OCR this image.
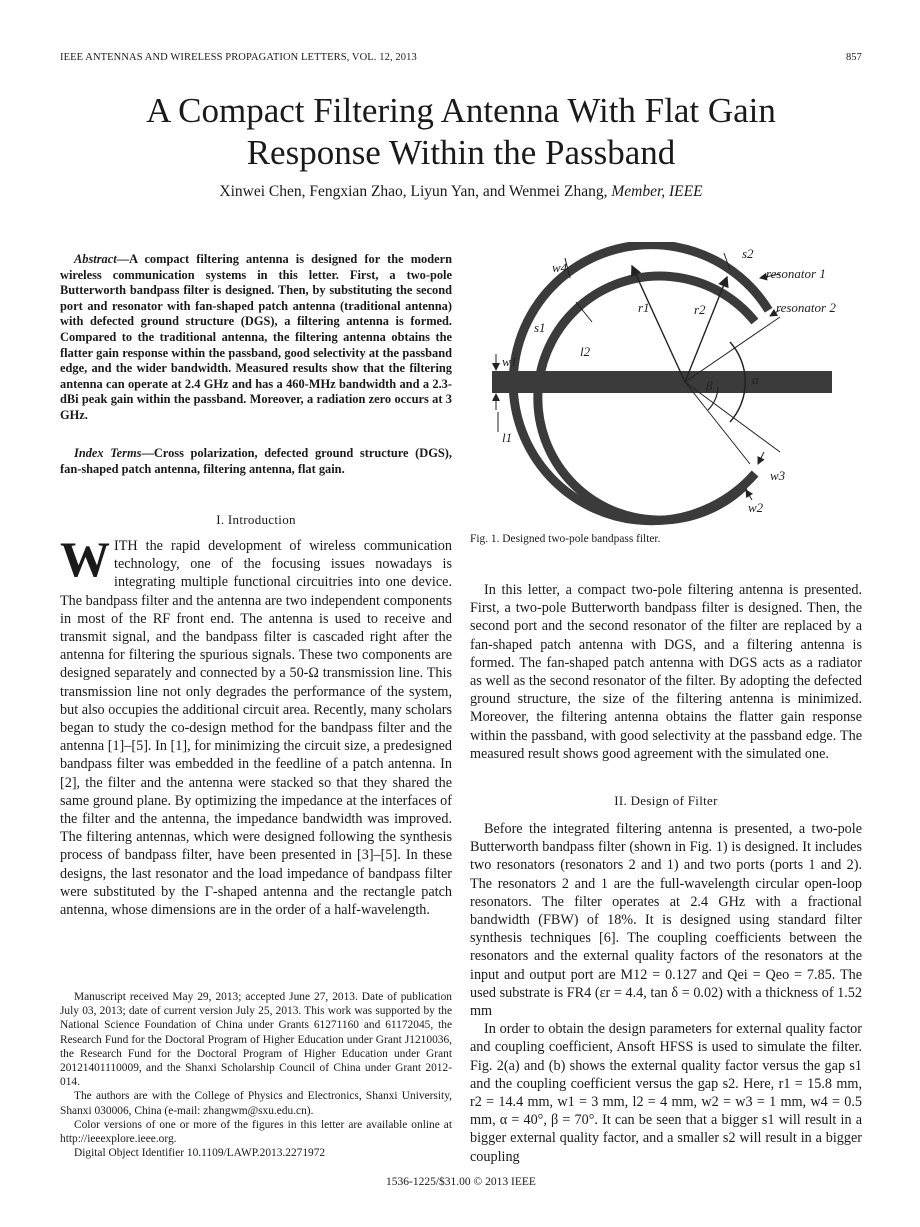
IEEE ANTENNAS AND WIRELESS PROPAGATION LETTERS, VOL. 12, 2013	857
A Compact Filtering Antenna With Flat Gain
Response Within the Passband
Xinwei Chen, Fengxian Zhao, Liyun Yan, and Wenmei Zhang, Member, IEEE
Abstract—A compact filtering antenna is designed for the modern wireless communication systems in this letter. First, a two-pole Butterworth bandpass filter is designed. Then, by substituting the second port and resonator with fan-shaped patch antenna (traditional antenna) with defected ground structure (DGS), a filtering antenna is formed. Compared to the traditional antenna, the filtering antenna obtains the flatter gain response within the passband, good selectivity at the passband edge, and the wider bandwidth. Measured results show that the filtering antenna can operate at 2.4 GHz and has a 460-MHz bandwidth and a 2.3-dBi peak gain within the passband. Moreover, a radiation zero occurs at 3 GHz.
Index Terms—Cross polarization, defected ground structure (DGS), fan-shaped patch antenna, filtering antenna, flat gain.
I. Introduction
WITH the rapid development of wireless communication technology, one of the focusing issues nowadays is integrating multiple functional circuitries into one device. The bandpass filter and the antenna are two independent components in most of the RF front end. The antenna is used to receive and transmit signal, and the bandpass filter is cascaded right after the antenna for filtering the spurious signals. These two components are designed separately and connected by a 50-Ω transmission line. This transmission line not only degrades the performance of the system, but also occupies the additional circuit area. Recently, many scholars began to study the co-design method for the bandpass filter and the antenna [1]–[5]. In [1], for minimizing the circuit size, a predesigned bandpass filter was embedded in the feedline of a patch antenna. In [2], the filter and the antenna were stacked so that they shared the same ground plane. By optimizing the impedance at the interfaces of the filter and the antenna, the impedance bandwidth was improved. The filtering antennas, which were designed following the synthesis process of bandpass filter, have been presented in [3]–[5]. In these designs, the last resonator and the load impedance of bandpass filter were substituted by the Γ-shaped antenna and the rectangle patch antenna, whose dimensions are in the order of a half-wavelength.

Manuscript received May 29, 2013; accepted June 27, 2013. Date of publication July 03, 2013; date of current version July 25, 2013. This work was supported by the National Science Foundation of China under Grants 61271160 and 61172045, the Research Fund for the Doctoral Program of Higher Education under Grant J1210036, the Research Fund for the Doctoral Program of Higher Education under Grant 20121401110009, and the Shanxi Scholarship Council of China under Grant 2012-014.

The authors are with the College of Physics and Electronics, Shanxi University, Shanxi 030006, China (e-mail: zhangwm@sxu.edu.cn).

Color versions of one or more of the figures in this letter are available online at http://ieeexplore.ieee.org.

Digital Object Identifier 10.1109/LAWP.2013.2271972

s2
resonator 1
resonator 2
w4
r1	r2
s1
l2
w1
l1
β	α
w3
w2
Fig. 1. Designed two-pole bandpass filter.
In this letter, a compact two-pole filtering antenna is presented. First, a two-pole Butterworth bandpass filter is designed. Then, the second port and the second resonator of the filter are replaced by a fan-shaped patch antenna with DGS, and a filtering antenna is formed. The fan-shaped patch antenna with DGS acts as a radiator as well as the second resonator of the filter. By adopting the defected ground structure, the size of the filtering antenna is minimized. Moreover, the filtering antenna obtains the flatter gain response within the passband, with good selectivity at the passband edge. The measured result shows good agreement with the simulated one.
II. Design of Filter

Before the integrated filtering antenna is presented, a two-pole Butterworth bandpass filter (shown in Fig. 1) is designed. It includes two resonators (resonators 2 and 1) and two ports (ports 1 and 2). The resonators 2 and 1 are the full-wavelength circular open-loop resonators. The filter operates at 2.4 GHz with a fractional bandwidth (FBW) of 18%. It is designed using standard filter synthesis techniques [6]. The coupling coefficients between the resonators and the external quality factors of the resonators at the input and output port are M12 = 0.127 and Qei = Qeo = 7.85. The used substrate is FR4 (εr = 4.4, tan δ = 0.02) with a thickness of 1.52 mm

In order to obtain the design parameters for external quality factor and coupling coefficient, Ansoft HFSS is used to simulate the filter. Fig. 2(a) and (b) shows the external quality factor versus the gap s1 and the coupling coefficient versus the gap s2. Here, r1 = 15.8 mm, r2 = 14.4 mm, w1 = 3 mm, l2 = 4 mm, w2 = w3 = 1 mm, w4 = 0.5 mm, α = 40°, β = 70°. It can be seen that a bigger s1 will result in a bigger external quality factor, and a smaller s2 will result in a bigger coupling

1536-1225/$31.00 © 2013 IEEE
